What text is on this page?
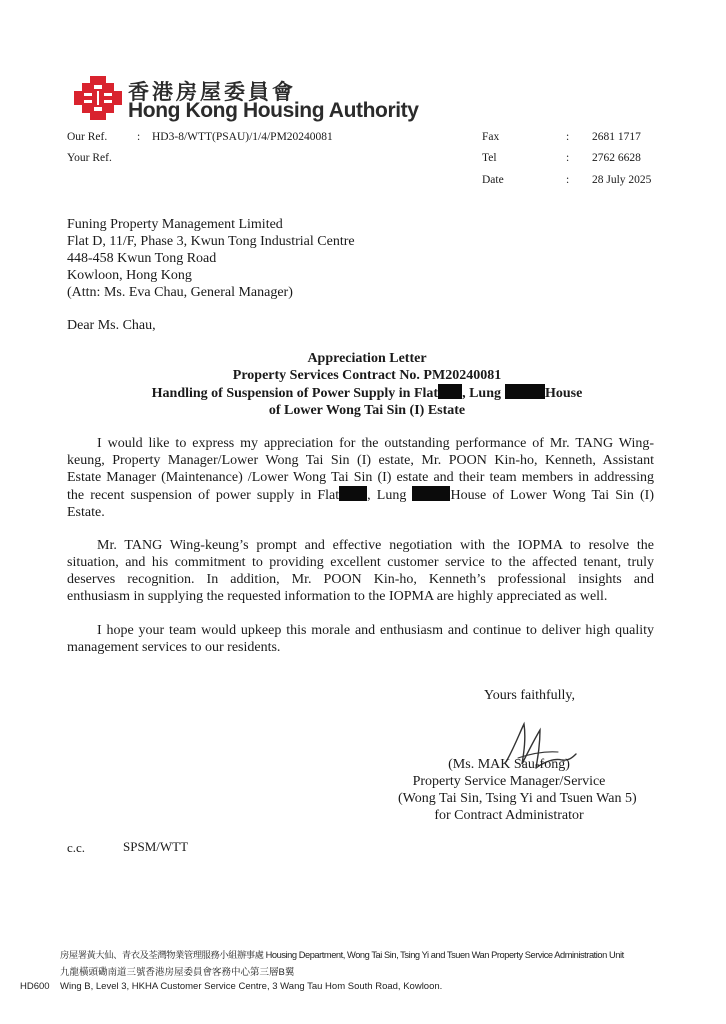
香港房屋委員會
Hong Kong Housing Authority
Our Ref.	: HD3-8/WTT(PSAU)/1/4/PM20240081
Your Ref.
Fax	: 2681 1717
Tel	: 2762 6628
Date	: 28 July 2025
Funing Property Management Limited
Flat D, 11/F, Phase 3, Kwun Tong Industrial Centre
448-458 Kwun Tong Road
Kowloon, Hong Kong
(Attn: Ms. Eva Chau, General Manager)
Dear Ms. Chau,
Appreciation Letter
Property Services Contract No. PM20240081
Handling of Suspension of Power Supply in Flat , Lung	House
of Lower Wong Tai Sin (I) Estate
I would like to express my appreciation for the outstanding performance of Mr. TANG Wing-
keung, Property Manager/Lower Wong Tai Sin (I) estate, Mr. POON Kin-ho, Kenneth, Assistant
Estate Manager (Maintenance) /Lower Wong Tai Sin (I) estate and their team members in addressing
the recent suspension of power supply in Flat , Lung	House of Lower Wong Tai Sin (I)
Estate.
Mr. TANG Wing-keung’s prompt and effective negotiation with the IOPMA to resolve the
situation, and his commitment to providing excellent customer service to the affected tenant, truly
deserves recognition. In addition, Mr. POON Kin-ho, Kenneth’s professional insights and
enthusiasm in supplying the requested information to the IOPMA are highly appreciated as well.
I hope your team would upkeep this morale and enthusiasm and continue to deliver high quality
management services to our residents.
Yours faithfully,
(Ms. MAK Sau-fong)
Property Service Manager/Service
(Wong Tai Sin, Tsing Yi and Tsuen Wan 5)
for Contract Administrator
c.c.	SPSM/WTT
房屋署黃大仙、青衣及荃灣物業管理服務小組辦事處 Housing Department, Wong Tai Sin, Tsing Yi and Tsuen Wan Property Service Administration Unit
九龍橫頭磡南道三號香港房屋委員會客務中心第三層B翼
HD600 Wing B, Level 3, HKHA Customer Service Centre, 3 Wang Tau Hom South Road, Kowloon.
